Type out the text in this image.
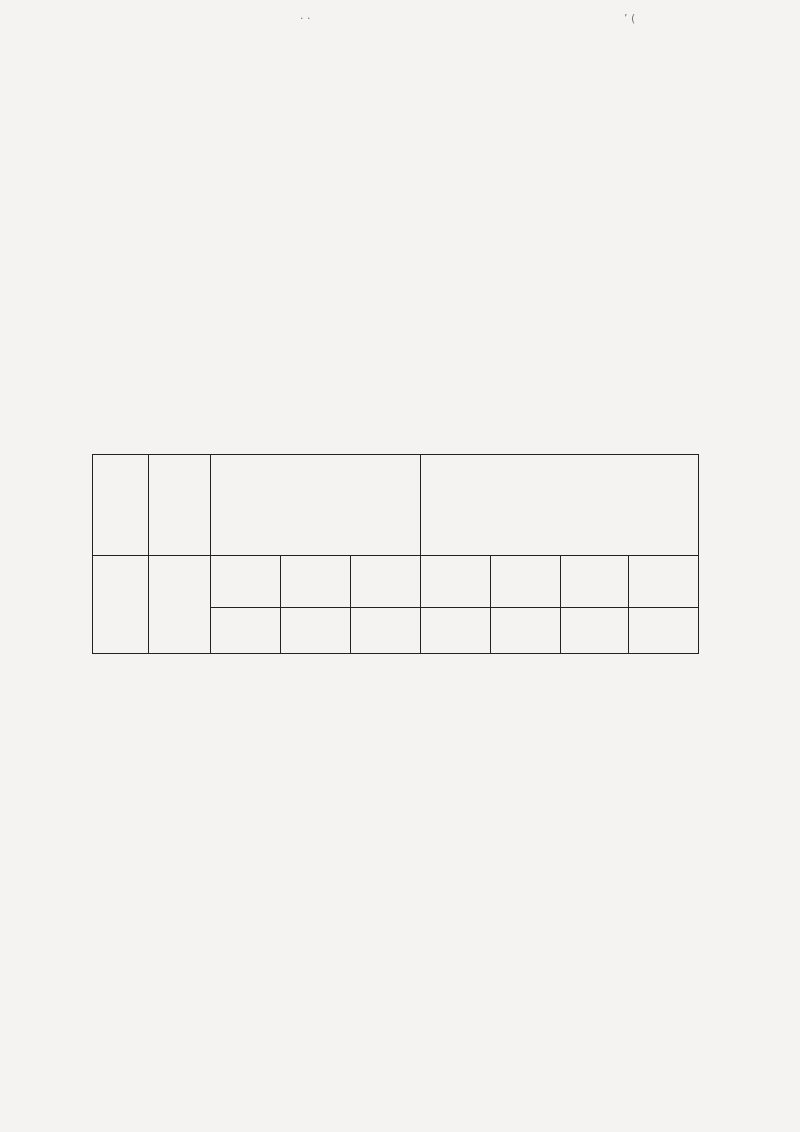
· ·	٬ (
